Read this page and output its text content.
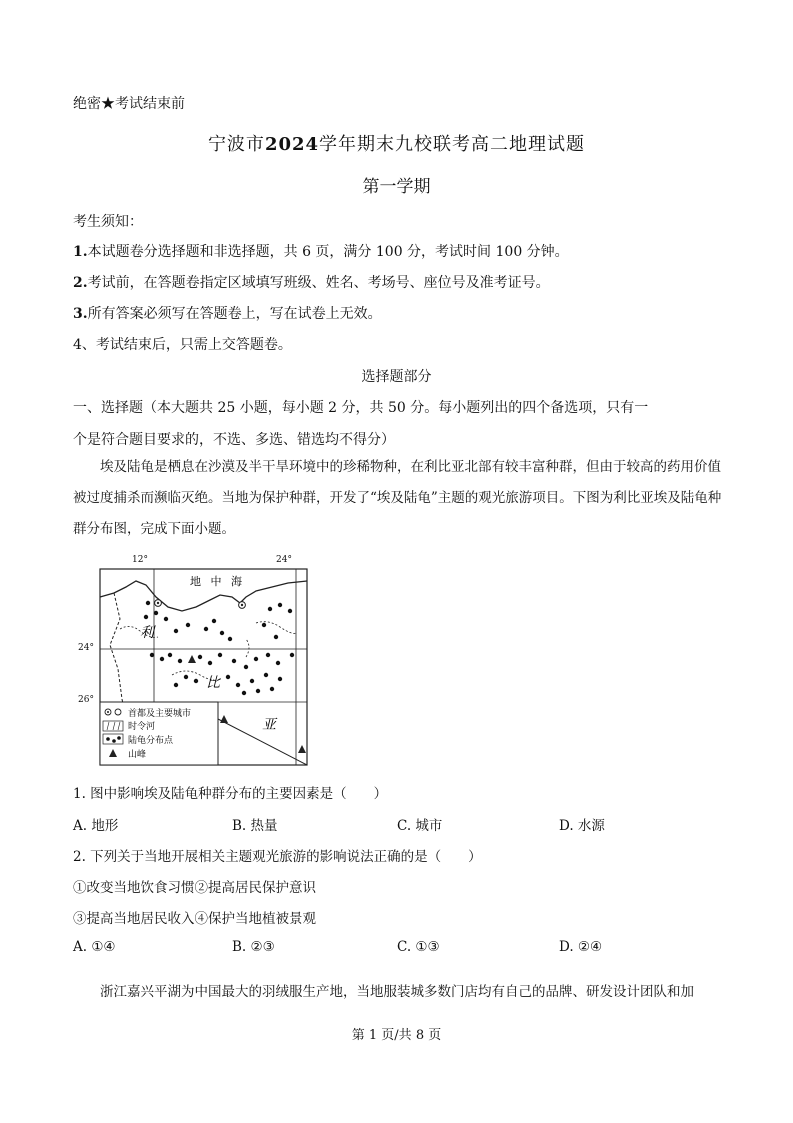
绝密★考试结束前
宁波市2024学年期末九校联考高二地理试题
第一学期
考生须知：
1.本试题卷分选择题和非选择题，共 6 页，满分 100 分，考试时间 100 分钟。
2.考试前，在答题卷指定区域填写班级、姓名、考场号、座位号及准考证号。
3.所有答案必须写在答题卷上，写在试卷上无效。
4、考试结束后，只需上交答题卷。
选择题部分
一、选择题（本大题共 25 小题，每小题 2 分，共 50 分。每小题列出的四个备选项，只有一
个是符合题目要求的，不选、多选、错选均不得分）
埃及陆龟是栖息在沙漠及半干旱环境中的珍稀物种，在利比亚北部有较丰富种群，但由于较高的药用价值被过度捕杀而濒临灭绝。当地为保护种群，开发了“埃及陆龟”主题的观光旅游项目。下图为利比亚埃及陆龟种群分布图，完成下面小题。
地 中 海
利
比
亚
首都及主要城市
时令河
陆龟分布点
山峰
12°	24°
24°
26°
1. 图中影响埃及陆龟种群分布的主要因素是（　　）
A. 地形	B. 热量	C. 城市	D. 水源
2. 下列关于当地开展相关主题观光旅游的影响说法正确的是（　　）
①改变当地饮食习惯②提高居民保护意识
③提高当地居民收入④保护当地植被景观
A. ①④	B. ②③	C. ①③	D. ②④
浙江嘉兴平湖为中国最大的羽绒服生产地，当地服装城多数门店均有自己的品牌、研发设计团队和加
第 1 页/共 8 页
